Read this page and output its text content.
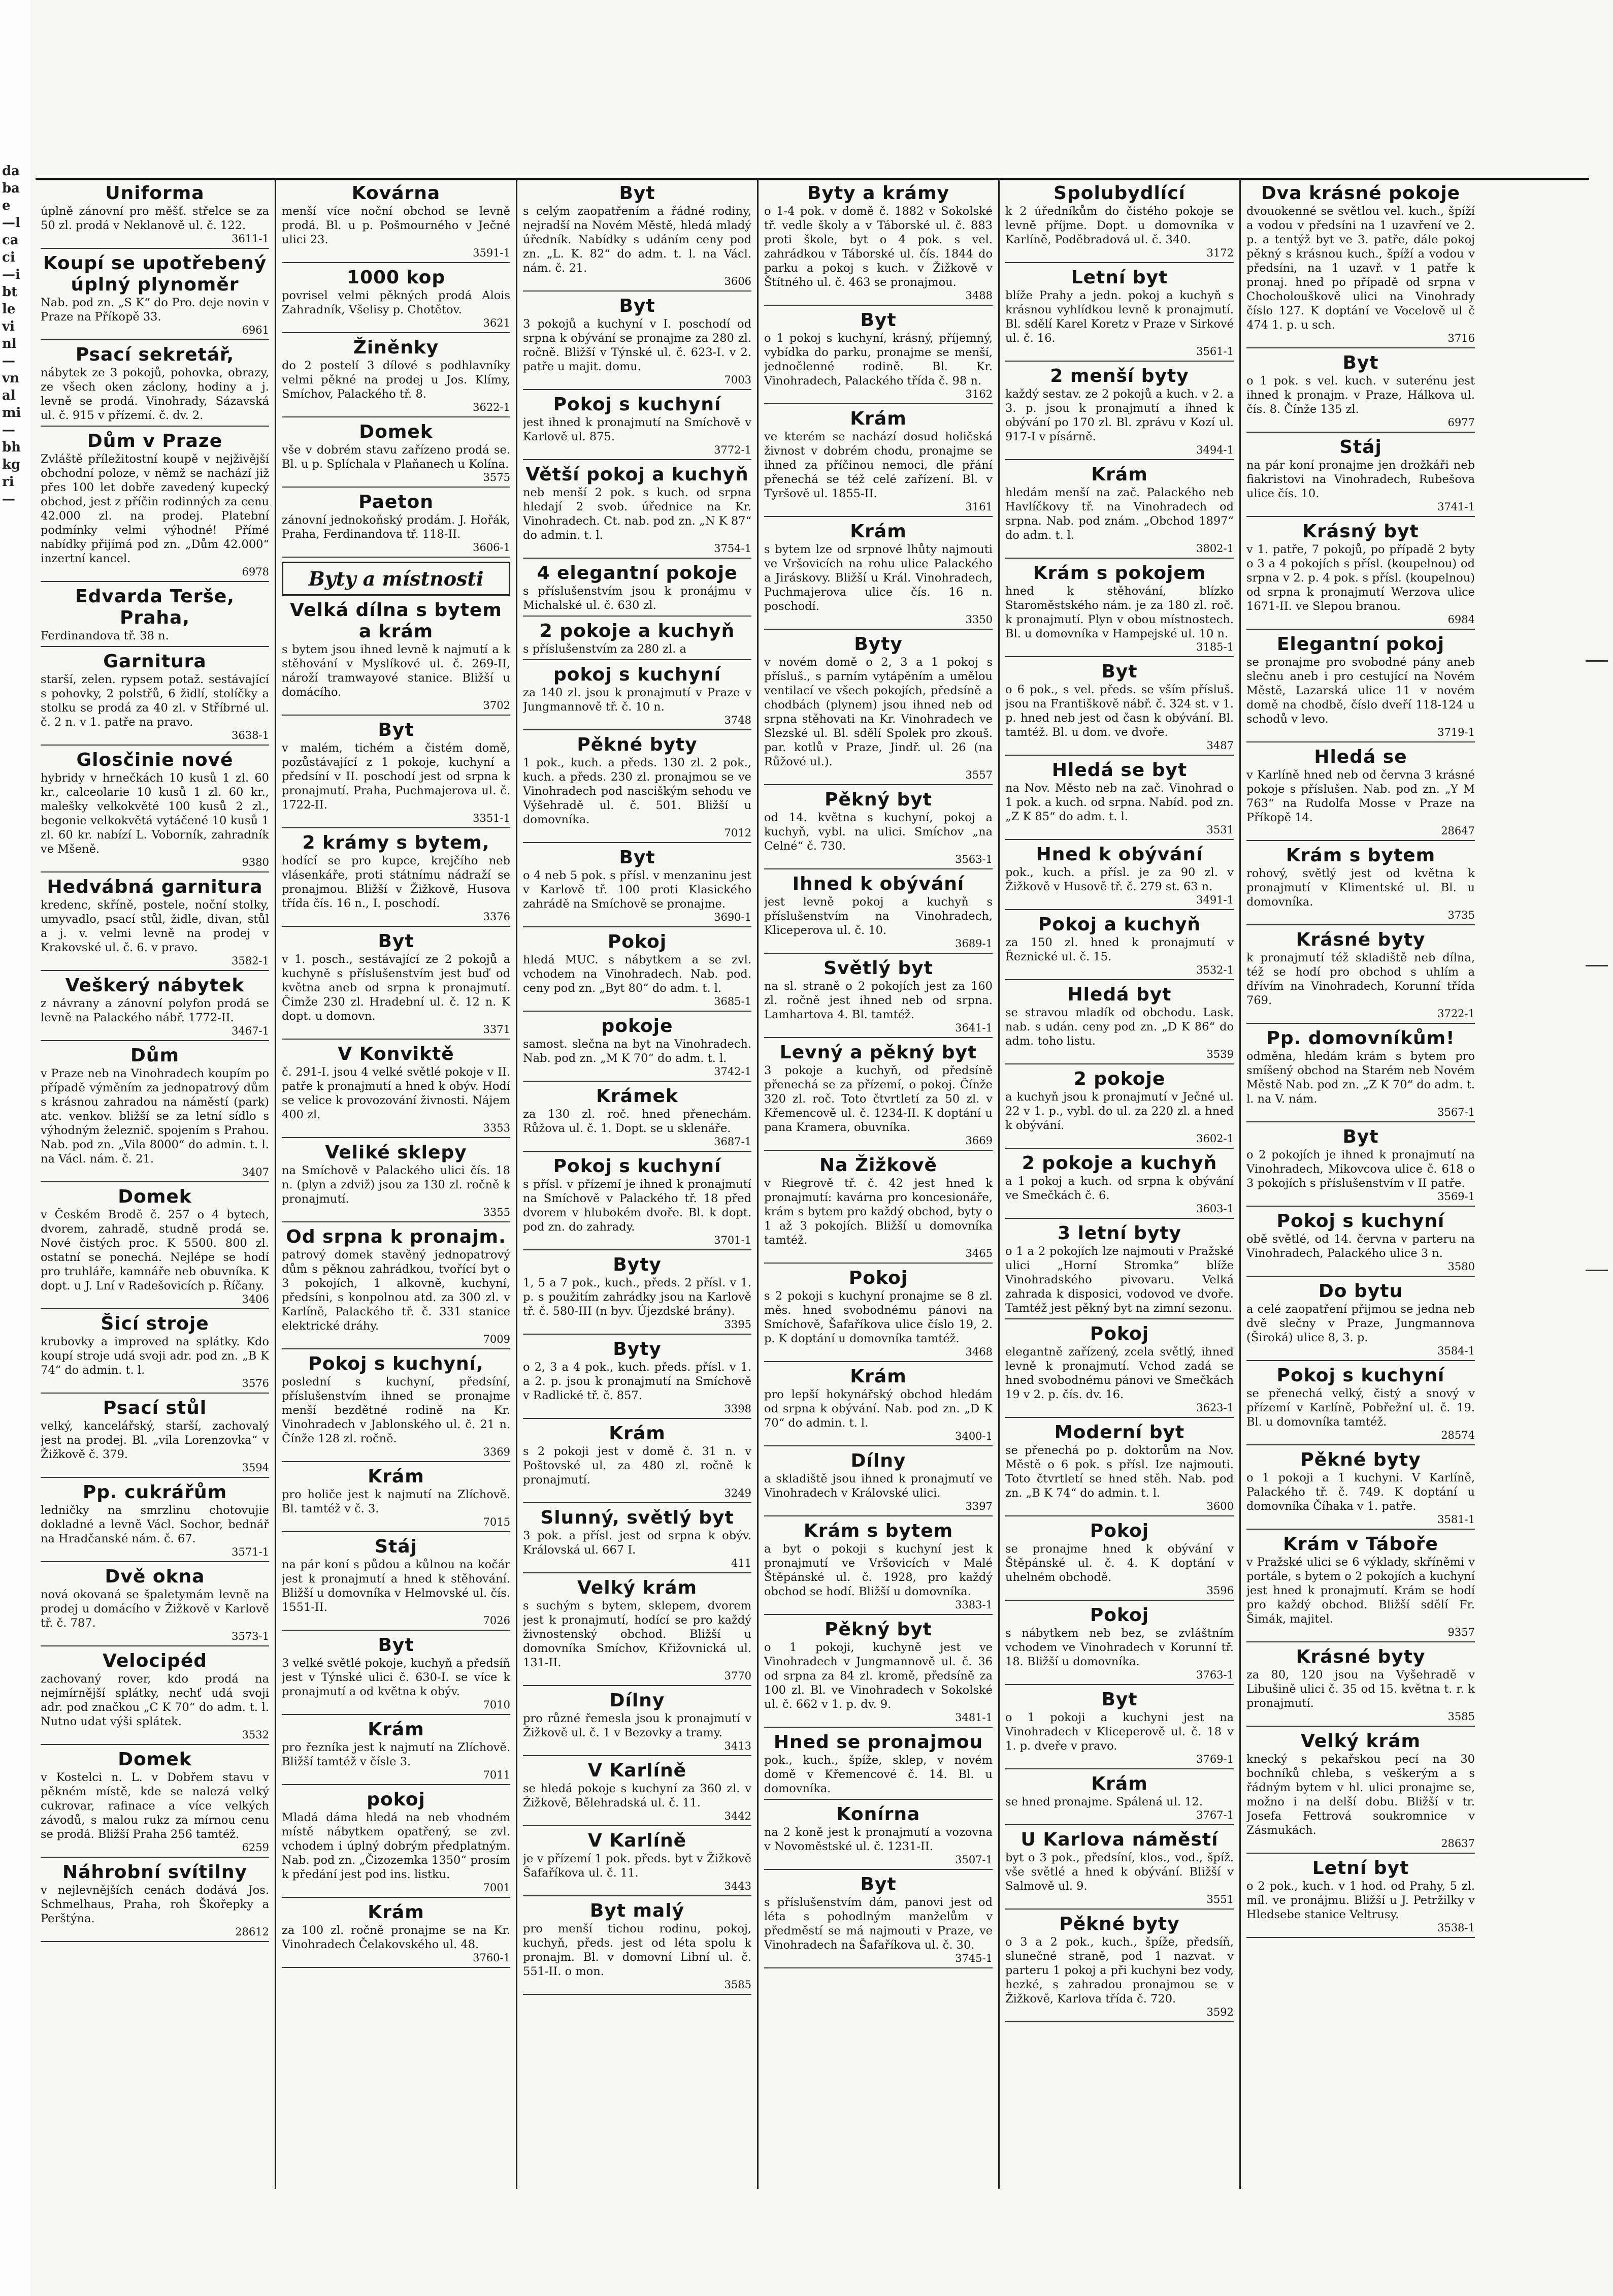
dabae—lcaci—ibtlevinl—vnalmi—bhkgri—
Uniforma

úplně zánovní pro měšť. střelce se za 50 zl. prodá v Neklanově ul. č. 122.

3611-1

Koupí se upotřebený úplný plynoměr

Nab. pod zn. „S K“ do Pro. deje novin v Praze na Příkopě 33.

6961

Psací sekretář,

nábytek ze 3 pokojů, pohovka, obrazy, ze všech oken záclony, hodiny a j. levně se prodá. Vinohrady, Sázavská ul. č. 915 v přízemí. č. dv. 2.

Dům v Praze

Zvláště příležitostní koupě v nejživější obchodní poloze, v němž se nachází již přes 100 let dobře zavedený kupecký obchod, jest z příčin rodinných za cenu 42.000 zl. na prodej. Platební podmínky velmi výhodné! Přímé nabídky přijímá pod zn. „Dům 42.000“ inzertní kancel.

6978

Edvarda Terše, Praha,

Ferdinandova tř. 38 n.

Garnitura

starší, zelen. rypsem potaž. sestávající s pohovky, 2 polstřů, 6 židlí, stolíčky a stolku se prodá za 40 zl. v Stříbrné ul. č. 2 n. v 1. patře na pravo.

3638-1

Glosčinie nové

hybridy v hrnečkách 10 kusů 1 zl. 60 kr., calceolarie 10 kusů 1 zl. 60 kr., malešky velkokvěté 100 kusů 2 zl., begonie velkokvětá vytáčené 10 kusů 1 zl. 60 kr. nabízí L. Voborník, zahradník ve Mšeně.

9380

Hedvábná garnitura

kredenc, skříně, postele, noční stolky, umyvadlo, psací stůl, židle, divan, stůl a j. v. velmi levně na prodej v Krakovské ul. č. 6. v pravo.

3582-1

Veškerý nábytek

z návrany a zánovní polyfon prodá se levně na Palackého nábř. 1772-II.

3467-1

Dům

v Praze neb na Vinohradech koupím po případě výměním za jednopatrový dům s krásnou zahradou na náměstí (park) atc. venkov. bližší se za letní sídlo s výhodným železnič. spojením s Prahou. Nab. pod zn. „Vila 8000“ do admin. t. l. na Václ. nám. č. 21.

3407

Domek

v Českém Brodě č. 257 o 4 bytech, dvorem, zahradě, studně prodá se. Nové čistých proc. K 5500. 800 zl. ostatní se ponechá. Nejlépe se hodí pro truhláře, kamnáře neb obuvníka. K dopt. u J. Lní v Radešovicích p. Říčany.

3406

Šicí stroje

krubovky a improved na splátky. Kdo koupí stroje udá svoji adr. pod zn. „B K 74“ do admin. t. l.

3576

Psací stůl

velký, kancelářský, starší, zachovalý jest na prodej. Bl. „vila Lorenzovka“ v Žižkově č. 379.

3594

Pp. cukrářům

ledničky na smrzlinu chotovujie dokladné a levně Václ. Sochor, bednář na Hradčanské nám. č. 67.

3571-1

Dvě okna

nová okovaná se špaletymám levně na prodej u domácího v Žižkově v Karlově tř. č. 787.

3573-1

Velocipéd

zachovaný rover, kdo prodá na nejmírnější splátky, nechť udá svoji adr. pod značkou „C K 70“ do adm. t. l. Nutno udat výši splátek.

3532

Domek

v Kostelci n. L. v Dobřem stavu v pěkném místě, kde se nalezá velký cukrovar, rafinace a více velkých závodů, s malou rukz za mírnou cenu se prodá. Bližší Praha 256 tamtéž.

6259

Náhrobní svítilny

v nejlevnějších cenách dodává Jos. Schmelhaus, Praha, roh Škořepky a Perštýna.

28612

Kovárna

menší více noční obchod se levně prodá. Bl. u p. Pošmourného v Ječné ulici 23.

3591-1

1000 kop

povrisel velmi pěkných prodá Alois Zahradník, Všelisy p. Chotětov.

3621

Žiněnky

do 2 postelí 3 dílové s podhlavníky velmi pěkné na prodej u Jos. Klímy, Smíchov, Palackého tř. 8.

3622-1

Domek

vše v dobrém stavu zařízeno prodá se. Bl. u p. Splíchala v Plaňanech u Kolína.

3575

Paeton

zánovní jednokoňský prodám. J. Hořák, Praha, Ferdinandova tř. 118-II.

3606-1

Byty a místnosti
Velká dílna s bytem a krám

s bytem jsou ihned levně k najmutí a k stěhování v Myslíkové ul. č. 269-II, nároží tramwayové stanice. Bližší u domácího.

3702

Byt

v malém, tichém a čistém domě, pozůstávající z 1 pokoje, kuchyní a předsíní v II. poschodí jest od srpna k pronajmutí. Praha, Puchmajerova ul. č. 1722-II.

3351-1

2 krámy s bytem,

hodící se pro kupce, krejčího neb vlásenkáře, proti státnímu nádraží se pronajmou. Bližší v Žižkově, Husova třída čís. 16 n., I. poschodí.

3376

Byt

v 1. posch., sestávající ze 2 pokojů a kuchyně s příslušenstvím jest buď od května aneb od srpna k pronajmutí. Čimže 230 zl. Hradební ul. č. 12 n. K dopt. u domovn.

3371

V Konviktě

č. 291-I. jsou 4 velké světlé pokoje v II. patře k pronajmutí a hned k obýv. Hodí se velice k provozování živnosti. Nájem 400 zl.

3353

Veliké sklepy

na Smíchově v Palackého ulici čís. 18 n. (plyn a zdviž) jsou za 130 zl. ročně k pronajmutí.

3355

Od srpna k pronajm.

patrový domek stavěný jednopatrový dům s pěknou zahrádkou, tvořící byt o 3 pokojích, 1 alkovně, kuchyní, předsíni, s konpolnou atd. za 300 zl. v Karlíně, Palackého tř. č. 331 stanice elektrické dráhy.

7009

Pokoj s kuchyní,

poslední s kuchyní, předsíní, příslušenstvím ihned se pronajme menší bezdětné rodině na Kr. Vinohradech v Jablonského ul. č. 21 n. Čínže 128 zl. ročně.

3369

Krám

pro holiče jest k najmutí na Zlíchově. Bl. tamtéž v č. 3.

7015

Stáj

na pár koní s půdou a kůlnou na kočár jest k pronajmutí a hned k stěhování. Bližší u domovníka v Helmovské ul. čís. 1551-II.

7026

Byt

3 velké světlé pokoje, kuchyň a předsíň jest v Týnské ulici č. 630-I. se více k pronajmutí a od května k obýv.

7010

Krám

pro řezníka jest k najmutí na Zlíchově. Bližší tamtéž v čísle 3.

7011

pokoj

Mladá dáma hledá na neb vhodném místě nábytkem opatřený, se zvl. vchodem i úplný dobrým předplatným. Nab. pod zn. „Čizozemka 1350“ prosím k předání jest pod ins. listku.

7001

Krám

za 100 zl. ročně pronajme se na Kr. Vinohradech Čelakovského ul. 48.

3760-1

Byt

s celým zaopatřením a řádné rodiny, nejradší na Novém Městě, hledá mladý úředník. Nabídky s udáním ceny pod zn. „L. K. 82“ do adm. t. l. na Václ. nám. č. 21.

3606

Byt

3 pokojů a kuchyní v I. poschodí od srpna k obývání se pronajme za 280 zl. ročně. Bližší v Týnské ul. č. 623-I. v 2. patře u majit. domu.

7003

Pokoj s kuchyní

jest ihned k pronajmutí na Smíchově v Karlově ul. 875.

3772-1

Větší pokoj a kuchyň

neb menší 2 pok. s kuch. od srpna hledají 2 svob. úřednice na Kr. Vinohradech. Ct. nab. pod zn. „N K 87“ do admin. t. l.

3754-1

4 elegantní pokoje

s příslušenstvím jsou k pronájmu v Michalské ul. č. 630 zl.

2 pokoje a kuchyň

s příslušenstvím za 280 zl. a

pokoj s kuchyní

za 140 zl. jsou k pronajmutí v Praze v Jungmannově tř. č. 10 n.

3748

Pěkné byty

1 pok., kuch. a předs. 130 zl. 2 pok., kuch. a předs. 230 zl. pronajmou se ve Vinohradech pod nasciškým sehodu ve Výšehradě ul. č. 501. Bližší u domovníka.

7012

Byt

o 4 neb 5 pok. s přísl. v menzaninu jest v Karlově tř. 100 proti Klasického zahrádě na Smíchově se pronajme.

3690-1

Pokoj

hledá MUC. s nábytkem a se zvl. vchodem na Vinohradech. Nab. pod. ceny pod zn. „Byt 80“ do adm. t. l.

3685-1

pokoje

samost. slečna na byt na Vinohradech. Nab. pod zn. „M K 70“ do adm. t. l.

3742-1

Krámek

za 130 zl. roč. hned přenechám. Růžova ul. č. 1. Dopt. se u sklenáře.

3687-1

Pokoj s kuchyní

s přísl. v přízemí je ihned k pronajmutí na Smíchově v Palackého tř. 18 před dvorem v hlubokém dvoře. Bl. k dopt. pod zn. do zahrady.

3701-1

Byty

1, 5 a 7 pok., kuch., předs. 2 přísl. v 1. p. s použitím zahrádky jsou na Karlově tř. č. 580-III (n byv. Újezdské brány).

3395

Byty

o 2, 3 a 4 pok., kuch. předs. přísl. v 1. a 2. p. jsou k pronajmutí na Smíchově v Radlické tř. č. 857.

3398

Krám

s 2 pokoji jest v domě č. 31 n. v Poštovské ul. za 480 zl. ročně k pronajmutí.

3249

Slunný, světlý byt

3 pok. a přísl. jest od srpna k obýv. Královská ul. 667 I.

411

Velký krám

s suchým s bytem, sklepem, dvorem jest k pronajmutí, hodící se pro každý živnostenský obchod. Bližší u domovníka Smíchov, Křižovnická ul. 131-II.

3770

Dílny

pro různé řemesla jsou k pronajmutí v Žižkově ul. č. 1 v Bezovky a tramy.

3413

V Karlíně

se hledá pokoje s kuchyní za 360 zl. v Žižkově, Bělehradská ul. č. 11.

3442

V Karlíně

je v přízemí 1 pok. předs. byt v Žižkově Šafaříkova ul. č. 11.

3443

Byt malý

pro menší tichou rodinu, pokoj, kuchyň, předs. jest od léta spolu k pronajm. Bl. v domovní Libní ul. č. 551-II. o mon.

3585

Byty a krámy

o 1-4 pok. v domě č. 1882 v Sokolské tř. vedle školy a v Táborské ul. č. 883 proti škole, byt o 4 pok. s vel. zahrádkou v Táborské ul. čís. 1844 do parku a pokoj s kuch. v Žižkově v Štítného ul. č. 463 se pronajmou.

3488

Byt

o 1 pokoj s kuchyní, krásný, příjemný, vybídka do parku, pronajme se menší, jednočlenné rodině. Bl. Kr. Vinohradech, Palackého třída č. 98 n.

3162

Krám

ve kterém se nachází dosud holičská živnost v dobrém chodu, pronajme se ihned za příčinou nemoci, dle přání přenechá se též celé zařízení. Bl. v Tyršově ul. 1855-II.

3161

Krám

s bytem lze od srpnové lhůty najmouti ve Vršovicích na rohu ulice Palackého a Jiráskovy. Bližší u Král. Vinohradech, Puchmajerova ulice čís. 16 n. poschodí.

3350

Byty

v novém domě o 2, 3 a 1 pokoj s přísluš., s parním vytápěním a umělou ventilací ve všech pokojích, předsíně a chodbách (plynem) jsou ihned neb od srpna stěhovati na Kr. Vinohradech ve Slezské ul. Bl. sdělí Spolek pro zkouš. par. kotlů v Praze, Jindř. ul. 26 (na Růžové ul.).

3557

Pěkný byt

od 14. května s kuchyní, pokoj a kuchyň, vybl. na ulici. Smíchov „na Celné“ č. 730.

3563-1

Ihned k obývání

jest levně pokoj a kuchyň s příslušenstvím na Vinohradech, Kliceperova ul. č. 10.

3689-1

Světlý byt

na sl. straně o 2 pokojích jest za 160 zl. ročně jest ihned neb od srpna. Lamhartova 4. Bl. tamtéž.

3641-1

Levný a pěkný byt

3 pokoje a kuchyň, od předsíně přenechá se za přízemí, o pokoj. Čínže 320 zl. roč. Toto čtvrtletí za 50 zl. v Křemencově ul. č. 1234-II. K doptání u pana Kramera, obuvníka.

3669

Na Žižkově

v Riegrově tř. č. 42 jest hned k pronajmutí: kavárna pro koncesionáře, krám s bytem pro každý obchod, byty o 1 až 3 pokojích. Bližší u domovníka tamtéž.

3465

Pokoj

s 2 pokoji s kuchyní pronajme se 8 zl. měs. hned svobodnému pánovi na Smíchově, Šafaříkova ulice číslo 19, 2. p. K doptání u domovníka tamtéž.

3468

Krám

pro lepší hokynářský obchod hledám od srpna k obývání. Nab. pod zn. „D K 70“ do admin. t. l.

3400-1

Dílny

a skladiště jsou ihned k pronajmutí ve Vinohradech v Královské ulici.

3397

Krám s bytem

a byt o pokoji s kuchyní jest k pronajmutí ve Vršovicích v Malé Štěpánské ul. č. 1928, pro každý obchod se hodí. Bližší u domovníka.

3383-1

Pěkný byt

o 1 pokoji, kuchyně jest ve Vinohradech v Jungmannově ul. č. 36 od srpna za 84 zl. kromě, předsíně za 100 zl. Bl. ve Vinohradech v Sokolské ul. č. 662 v 1. p. dv. 9.

3481-1

Hned se pronajmou

pok., kuch., špíže, sklep, v novém domě v Křemencové č. 14. Bl. u domovníka.

Konírna

na 2 koně jest k pronajmutí a vozovna v Novoměstské ul. č. 1231-II.

3507-1

Byt

s příslušenstvím dám, panovi jest od léta s pohodlným manželům v předměstí se má najmouti v Praze, ve Vinohradech na Šafaříkova ul. č. 30.

3745-1

Spolubydlící

k 2 úředníkům do čistého pokoje se levně příjme. Dopt. u domovníka v Karlíně, Poděbradová ul. č. 340.

3172

Letní byt

blíže Prahy a jedn. pokoj a kuchyň s krásnou vyhlídkou levně k pronajmutí. Bl. sdělí Karel Koretz v Praze v Sirkové ul. č. 16.

3561-1

2 menší byty

každý sestav. ze 2 pokojů a kuch. v 2. a 3. p. jsou k pronajmutí a ihned k obývání po 170 zl. Bl. zprávu v Kozí ul. 917-I v písárně.

3494-1

Krám

hledám menší na zač. Palackého neb Havlíčkovy tř. na Vinohradech od srpna. Nab. pod znám. „Obchod 1897“ do adm. t. l.

3802-1

Krám s pokojem

hned k stěhování, blízko Staroměstského nám. je za 180 zl. roč. k pronajmutí. Plyn v obou místnostech. Bl. u domovníka v Hampejské ul. 10 n.

3185-1

Byt

o 6 pok., s vel. předs. se vším přísluš. jsou na Františkově nábř. č. 324 st. v 1. p. hned neb jest od časn k obývání. Bl. tamtéž. Bl. u dom. ve dvoře.

3487

Hledá se byt

na Nov. Město neb na zač. Vinohrad o 1 pok. a kuch. od srpna. Nabíd. pod zn. „Z K 85“ do adm. t. l.

3531

Hned k obývání

pok., kuch. a přísl. je za 90 zl. v Žižkově v Husově tř. č. 279 st. 63 n.

3491-1

Pokoj a kuchyň

za 150 zl. hned k pronajmutí v Řeznické ul. č. 15.

3532-1

Hledá byt

se stravou mladík od obchodu. Lask. nab. s udán. ceny pod zn. „D K 86“ do adm. toho listu.

3539

2 pokoje

a kuchyň jsou k pronajmutí v Ječné ul. 22 v 1. p., vybl. do ul. za 220 zl. a hned k obývání.

3602-1

2 pokoje a kuchyň

a 1 pokoj a kuch. od srpna k obývání ve Smečkách č. 6.

3603-1

3 letní byty

o 1 a 2 pokojích lze najmouti v Pražské ulici „Horní Stromka“ blíže Vinohradského pivovaru. Velká zahrada k disposici, vodovod ve dvoře. Tamtéž jest pěkný byt na zimní sezonu.

Pokoj

elegantně zařízený, zcela světlý, ihned levně k pronajmutí. Vchod zadá se hned svobodnému pánovi ve Smečkách 19 v 2. p. čís. dv. 16.

3623-1

Moderní byt

se přenechá po p. doktorům na Nov. Městě o 6 pok. s přísl. Ize najmouti. Toto čtvrtletí se hned stěh. Nab. pod zn. „B K 74“ do admin. t. l.

3600

Pokoj

se pronajme hned k obývání v Štěpánské ul. č. 4. K doptání v uhelném obchodě.

3596

Pokoj

s nábytkem neb bez, se zvláštním vchodem ve Vinohradech v Korunní tř. 18. Bližší u domovníka.

3763-1

Byt

o 1 pokoji a kuchyni jest na Vinohradech v Kliceperově ul. č. 18 v 1. p. dveře v pravo.

3769-1

Krám

se hned pronajme. Spálená ul. 12.

3767-1

U Karlova náměstí

byt o 3 pok., předsíní, klos., vod., špíž. vše světlé a hned k obývání. Bližší v Salmově ul. 9.

3551

Pěkné byty

o 3 a 2 pok., kuch., špíže, předsíň, slunečné straně, pod 1 nazvat. v parteru 1 pokoj a při kuchyni bez vody, hezké, s zahradou pronajmou se v Žižkově, Karlova třída č. 720.

3592

Dva krásné pokoje

dvouokenné se světlou vel. kuch., špíží a vodou v předsíni na 1 uzavření ve 2. p. a tentýž byt ve 3. patře, dále pokoj pěkný s krásnou kuch., špíží a vodou v předsíni, na 1 uzavř. v 1 patře k pronaj. hned po případě od srpna v Chocholouškově ulici na Vinohrady číslo 127. K doptání ve Vocelově ul č 474 1. p. u sch.

3716

Byt

o 1 pok. s vel. kuch. v suterénu jest ihned k pronajm. v Praze, Hálkova ul. čís. 8. Čínže 135 zl.

6977

Stáj

na pár koní pronajme jen drožkáři neb fiakristovi na Vinohradech, Rubešova ulice čís. 10.

3741-1

Krásný byt

v 1. patře, 7 pokojů, po případě 2 byty o 3 a 4 pokojích s přísl. (koupelnou) od srpna v 2. p. 4 pok. s přísl. (koupelnou) od srpna k pronajmutí Werzova ulice 1671-II. ve Slepou branou.

6984

Elegantní pokoj

se pronajme pro svobodné pány aneb slečnu aneb i pro cestující na Novém Městě, Lazarská ulice 11 v novém domě na chodbě, číslo dveří 118-124 u schodů v levo.

3719-1

Hledá se

v Karlíně hned neb od června 3 krásné pokoje s příslušen. Nab. pod zn. „Y M 763“ na Rudolfa Mosse v Praze na Příkopě 14.

28647

Krám s bytem

rohový, světlý jest od května k pronajmutí v Klimentské ul. Bl. u domovníka.

3735

Krásné byty

k pronajmutí též skladiště neb dílna, též se hodí pro obchod s uhlím a dřívím na Vinohradech, Korunní třída 769.

3722-1

Pp. domovníkům!

odměna, hledám krám s bytem pro smíšený obchod na Starém neb Novém Městě Nab. pod zn. „Z K 70“ do adm. t. l. na V. nám.

3567-1

Byt

o 2 pokojích je ihned k pronajmutí na Vinohradech, Mikovcova ulice č. 618 o 3 pokojích s příslušenstvím v II patře.

3569-1

Pokoj s kuchyní

obě světlé, od 14. června v parteru na Vinohradech, Palackého ulice 3 n.

3580

Do bytu

a celé zaopatření přijmou se jedna neb dvě slečny v Praze, Jungmannova (Široká) ulice 8, 3. p.

3584-1

Pokoj s kuchyní

se přenechá velký, čistý a snový v přízemí v Karlíně, Pobřežní ul. č. 19. Bl. u domovníka tamtéž.

28574

Pěkné byty

o 1 pokoji a 1 kuchyni. V Karlíně, Palackého tř. č. 749. K doptání u domovníka Číhaka v 1. patře.

3581-1

Krám v Táboře

v Pražské ulici se 6 výklady, skříněmi v portále, s bytem o 2 pokojích a kuchyní jest hned k pronajmutí. Krám se hodí pro každý obchod. Bližší sdělí Fr. Šimák, majitel.

9357

Krásné byty

za 80, 120 jsou na Vyšehradě v Libušině ulici č. 35 od 15. května t. r. k pronajmutí.

3585

Velký krám

knecký s pekařskou pecí na 30 bochníků chleba, s veškerým a s řádným bytem v hl. ulici pronajme se, možno i na delší dobu. Bližší v tr. Josefa Fettrová soukromnice v Zásmukách.

28637

Letní byt

o 2 pok., kuch. v 1 hod. od Prahy, 5 zl. míl. ve pronájmu. Bližší u J. Petržilky v Hledsebe stanice Veltrusy.

3538-1
